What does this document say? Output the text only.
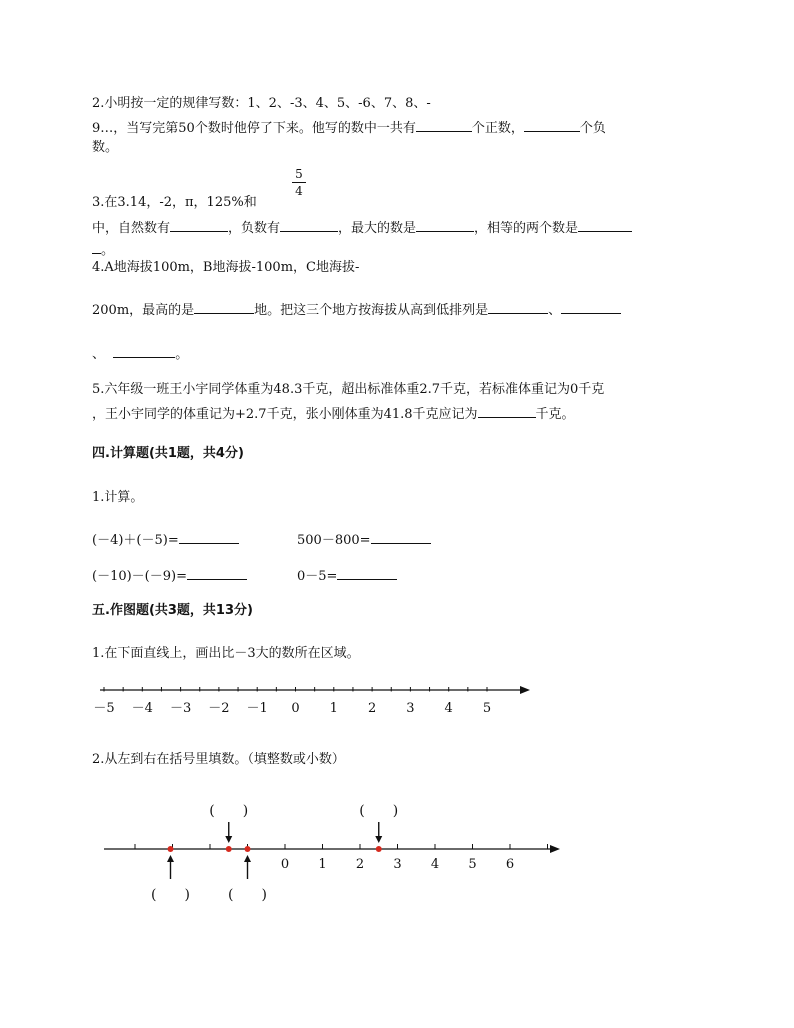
2.小明按一定的规律写数：1、2、-3、4、5、-6、7、8、-
9…，当写完第50个数时他停了下来。他写的数中一共有	个正数，	个负
数。
5
4
3.在3.14，-2，π，125%和
中，自然数有	，负数有	，最大的数是	，相等的两个数是
。
4.A地海拔100m，B地海拔-100m，C地海拔-
200m，最高的是	地。把这三个地方按海拔从高到低排列是	、
、	。
5.六年级一班王小宇同学体重为48.3千克，超出标准体重2.7千克，若标准体重记为0千克
，王小宇同学的体重记为+2.7千克，张小刚体重为41.8千克应记为	千克。
四.计算题(共1题，共4分)
1.计算。
(－4)＋(－5)=	500－800=
(－10)－(－9)=	0－5=
五.作图题(共3题，共13分)
1.在下面直线上，画出比－3大的数所在区域。
－5 －4 －3 －2 －1 0 1 2 3 4 5
2.从左到右在括号里填数。（填整数或小数）
0 1 2 3 4 5 6
(　　)
(　　)
(　　)
(　　)
